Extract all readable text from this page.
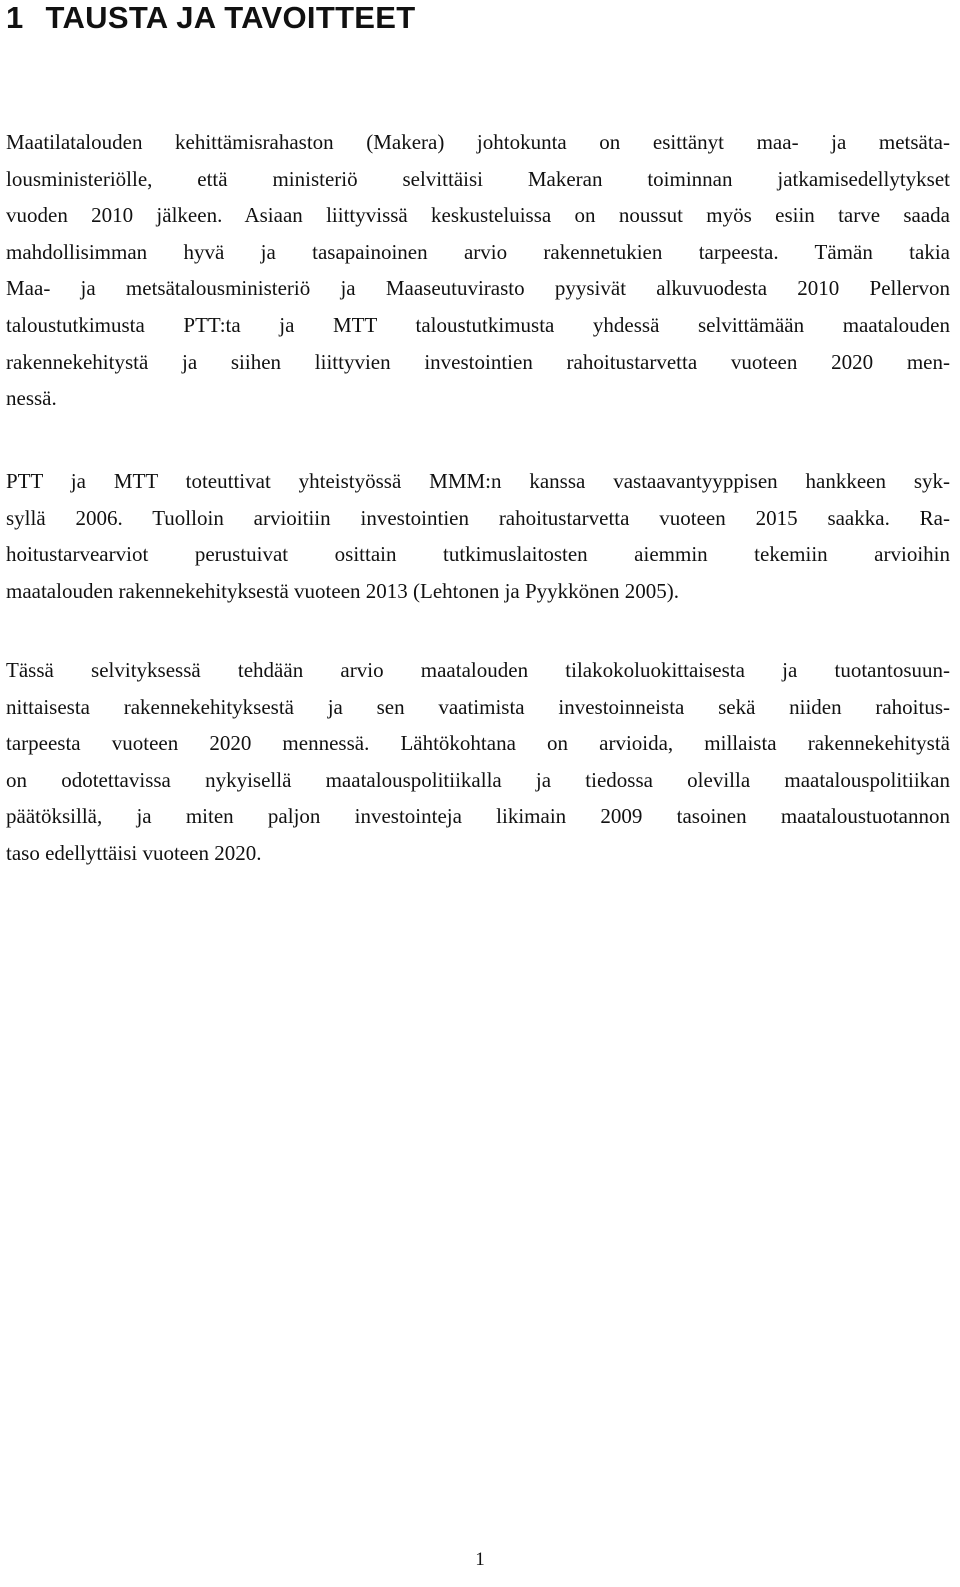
1 TAUSTA JA TAVOITTEET

Maatilatalouden kehittämisrahaston (Makera) johtokunta on esittänyt maa- ja metsäta-
lousministeriölle, että ministeriö selvittäisi Makeran toiminnan jatkamisedellytykset
vuoden 2010 jälkeen. Asiaan liittyvissä keskusteluissa on noussut myös esiin tarve saada
mahdollisimman hyvä ja tasapainoinen arvio rakennetukien tarpeesta. Tämän takia
Maa- ja metsätalousministeriö ja Maaseutuvirasto pyysivät alkuvuodesta 2010 Pellervon
taloustutkimusta PTT:ta ja MTT taloustutkimusta yhdessä selvittämään maatalouden
rakennekehitystä ja siihen liittyvien investointien rahoitustarvetta vuoteen 2020 men-
nessä.

PTT ja MTT toteuttivat yhteistyössä MMM:n kanssa vastaavantyyppisen hankkeen syk-
syllä 2006. Tuolloin arvioitiin investointien rahoitustarvetta vuoteen 2015 saakka. Ra-
hoitustarvearviot perustuivat osittain tutkimuslaitosten aiemmin tekemiin arvioihin
maatalouden rakennekehityksestä vuoteen 2013 (Lehtonen ja Pyykkönen 2005).

Tässä selvityksessä tehdään arvio maatalouden tilakokoluokittaisesta ja tuotantosuun-
nittaisesta rakennekehityksestä ja sen vaatimista investoinneista sekä niiden rahoitus-
tarpeesta vuoteen 2020 mennessä. Lähtökohtana on arvioida, millaista rakennekehitystä
on odotettavissa nykyisellä maatalouspolitiikalla ja tiedossa olevilla maatalouspolitiikan
päätöksillä, ja miten paljon investointeja likimain 2009 tasoinen maataloustuotannon
taso edellyttäisi vuoteen 2020.

1
